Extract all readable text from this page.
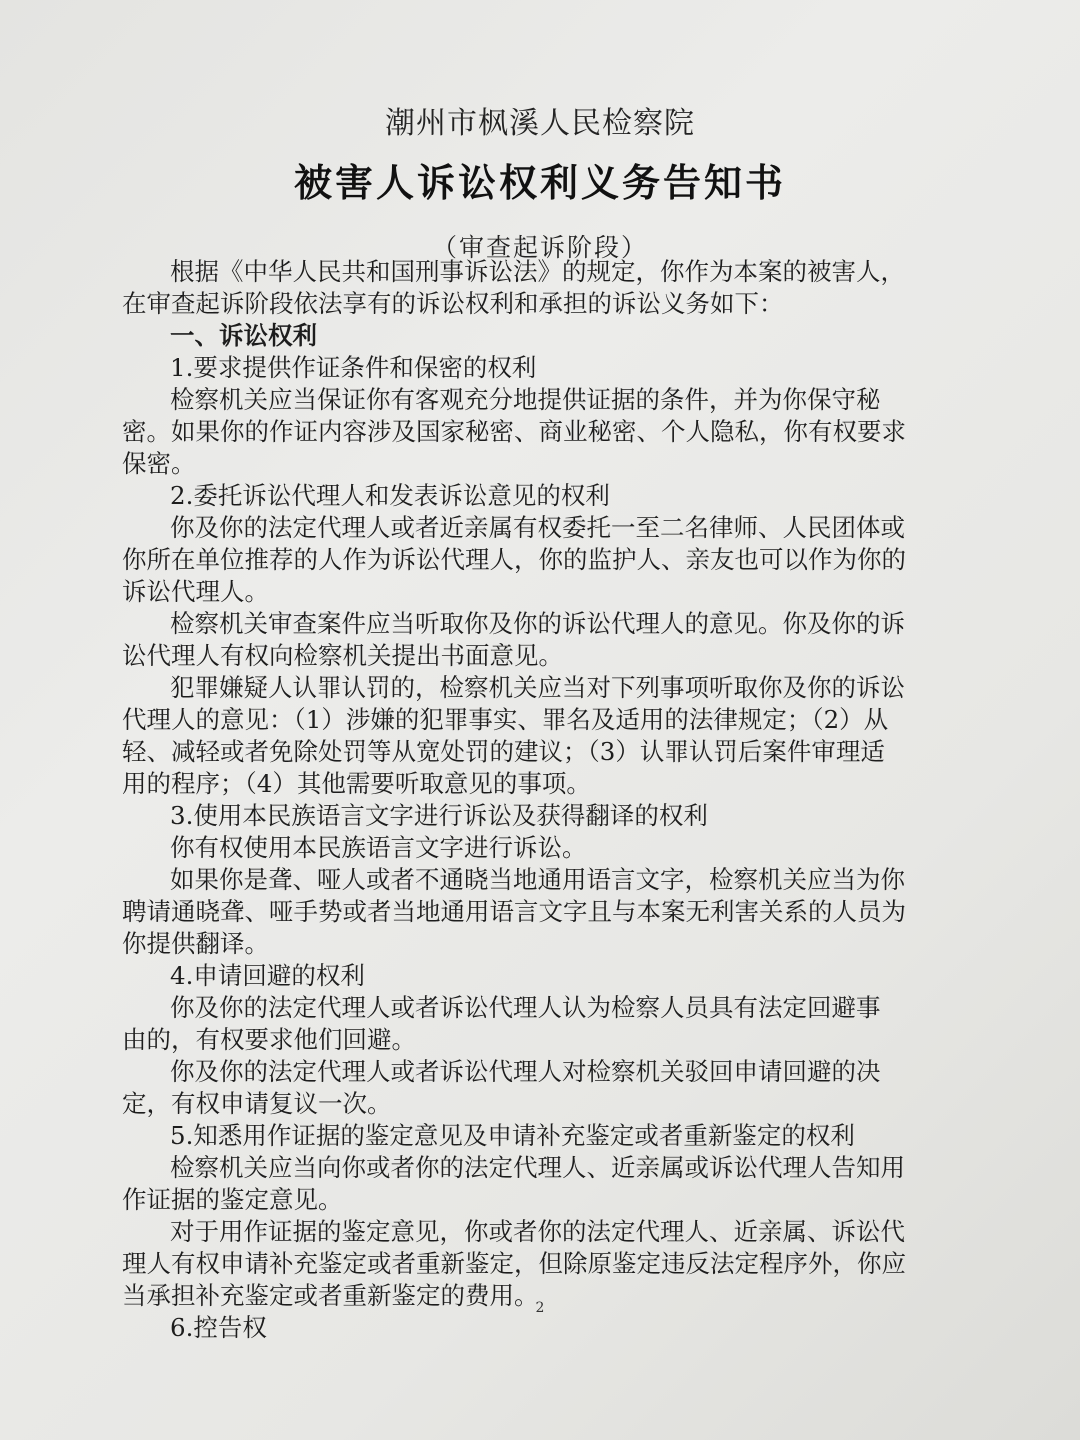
潮州市枫溪人民检察院
被害人诉讼权利义务告知书
（审查起诉阶段）

根据《中华人民共和国刑事诉讼法》的规定，你作为本案的被害人，

在审查起诉阶段依法享有的诉讼权利和承担的诉讼义务如下：

一、诉讼权利

1.要求提供作证条件和保密的权利

检察机关应当保证你有客观充分地提供证据的条件，并为你保守秘

密。如果你的作证内容涉及国家秘密、商业秘密、个人隐私，你有权要求

保密。

2.委托诉讼代理人和发表诉讼意见的权利

你及你的法定代理人或者近亲属有权委托一至二名律师、人民团体或

你所在单位推荐的人作为诉讼代理人，你的监护人、亲友也可以作为你的

诉讼代理人。

检察机关审查案件应当听取你及你的诉讼代理人的意见。你及你的诉

讼代理人有权向检察机关提出书面意见。

犯罪嫌疑人认罪认罚的，检察机关应当对下列事项听取你及你的诉讼

代理人的意见：（1）涉嫌的犯罪事实、罪名及适用的法律规定；（2）从

轻、减轻或者免除处罚等从宽处罚的建议；（3）认罪认罚后案件审理适

用的程序；（4）其他需要听取意见的事项。

3.使用本民族语言文字进行诉讼及获得翻译的权利

你有权使用本民族语言文字进行诉讼。

如果你是聋、哑人或者不通晓当地通用语言文字，检察机关应当为你

聘请通晓聋、哑手势或者当地通用语言文字且与本案无利害关系的人员为

你提供翻译。

4.申请回避的权利

你及你的法定代理人或者诉讼代理人认为检察人员具有法定回避事

由的，有权要求他们回避。

你及你的法定代理人或者诉讼代理人对检察机关驳回申请回避的决

定，有权申请复议一次。

5.知悉用作证据的鉴定意见及申请补充鉴定或者重新鉴定的权利

检察机关应当向你或者你的法定代理人、近亲属或诉讼代理人告知用

作证据的鉴定意见。

对于用作证据的鉴定意见，你或者你的法定代理人、近亲属、诉讼代

理人有权申请补充鉴定或者重新鉴定，但除原鉴定违反法定程序外，你应

当承担补充鉴定或者重新鉴定的费用。

6.控告权

2
